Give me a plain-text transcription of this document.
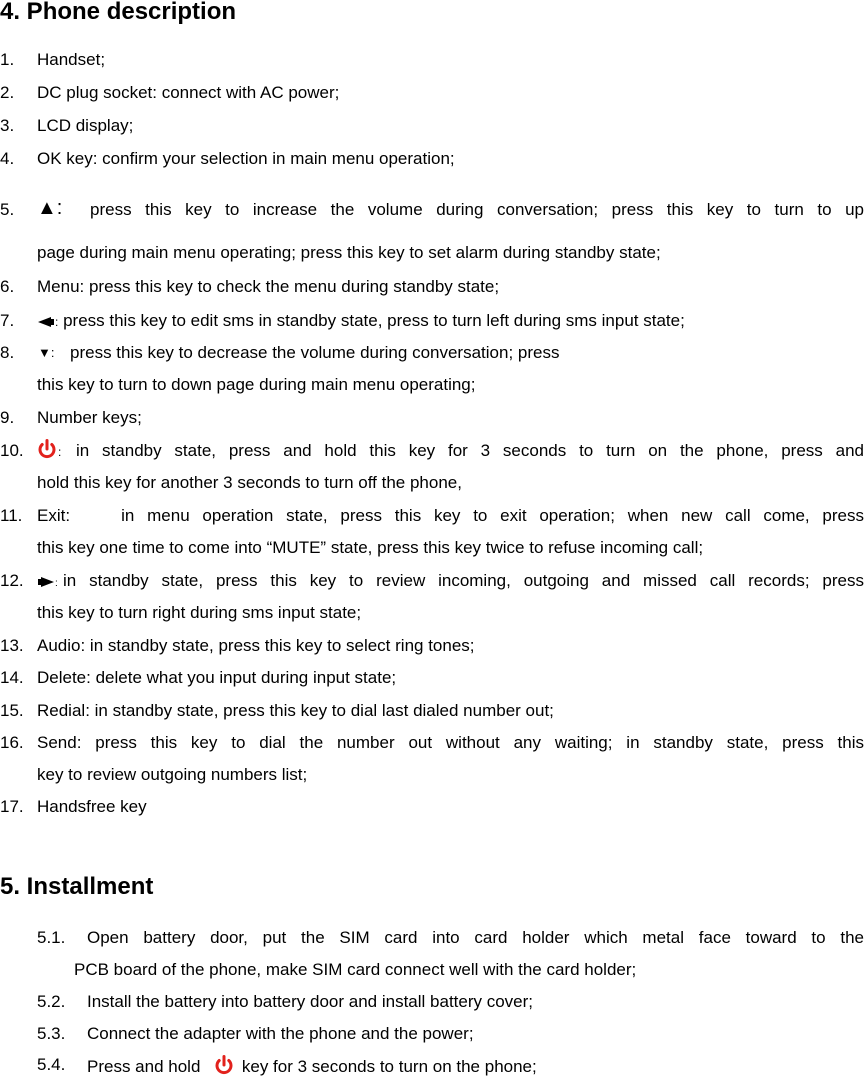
4. Phone description
1. Handset;
2. DC plug socket: connect with AC power;
3. LCD display;
4. OK key: confirm your selection in main menu operation;
5. ▲: press this key to increase the volume during conversation; press this key to turn to up
page during main menu operating; press this key to set alarm during standby state;
6. Menu: press this key to check the menu during standby state;
7.	: press this key to edit sms in standby state, press to turn left during sms input state;
8. ▼: press this key to decrease the volume during conversation; press
this key to turn to down page during main menu operating;
9. Number keys;
10.	: in standby state, press and hold this key for 3 seconds to turn on the phone, press and
hold this key for another 3 seconds to turn off the phone,
11. Exit:    in menu operation state, press this key to exit operation; when new call come, press
this key one time to come into “MUTE” state, press this key twice to refuse incoming call;
12.	: in standby state, press this key to review incoming, outgoing and missed call records; press
this key to turn right during sms input state;
13. Audio: in standby state, press this key to select ring tones;
14. Delete: delete what you input during input state;
15. Redial: in standby state, press this key to dial last dialed number out;
16. Send: press this key to dial the number out without any waiting; in standby state, press this
key to review outgoing numbers list;
17. Handsfree key
5. Installment
5.1. Open battery door, put the SIM card into card holder which metal face toward to the
PCB board of the phone, make SIM card connect well with the card holder;
5.2. Install the battery into battery door and install battery cover;
5.3. Connect the adapter with the phone and the power;
5.4. Press and hold key for 3 seconds to turn on the phone;
